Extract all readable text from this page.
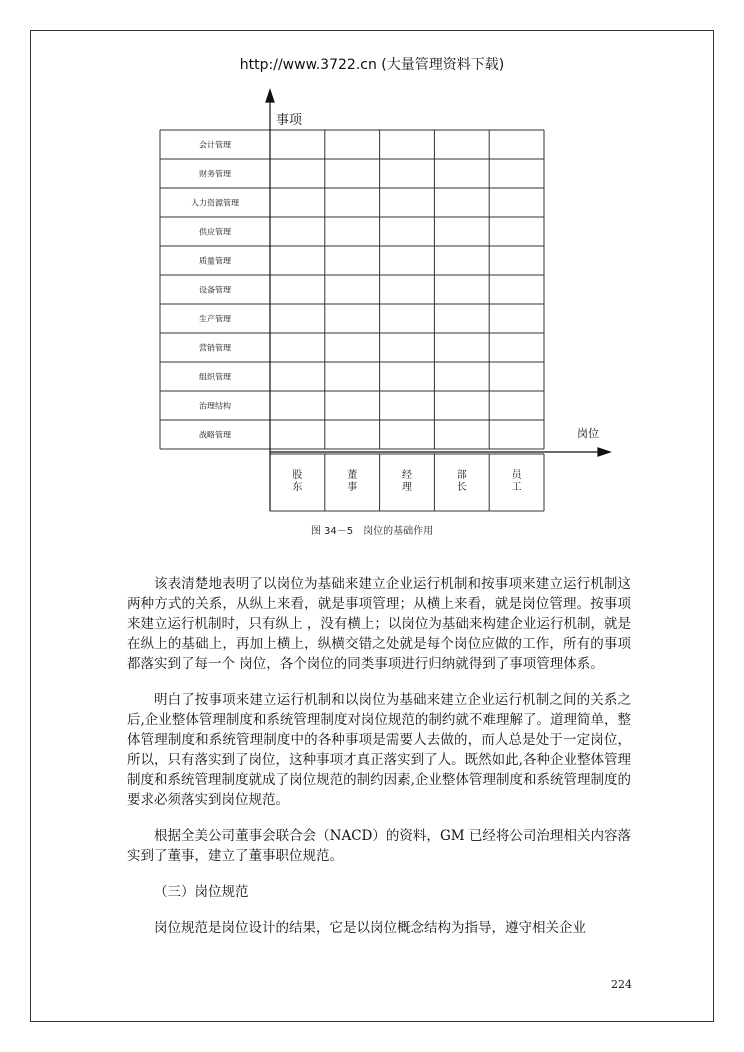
http://www.3722.cn (大量管理资料下载)
事项
岗位
会计管理
财务管理
人力资源管理
供应管理
质量管理
设备管理
生产管理
营销管理
组织管理
治理结构
战略管理
股
东
董
事
经
理
部
长
员
工
图 34－5　岗位的基础作用

该表清楚地表明了以岗位为基础来建立企业运行机制和按事项来建立运行机制这两种方式的关系，从纵上来看，就是事项管理；从横上来看，就是岗位管理。按事项来建立运行机制时，只有纵上 ，没有横上；以岗位为基础来构建企业运行机制，就是在纵上的基础上，再加上横上，纵横交错之处就是每个岗位应做的工作，所有的事项都落实到了每一个 岗位，各个岗位的同类事项进行归纳就得到了事项管理体系。

明白了按事项来建立运行机制和以岗位为基础来建立企业运行机制之间的关系之后,企业整体管理制度和系统管理制度对岗位规范的制约就不难理解了。道理简单，整体管理制度和系统管理制度中的各种事项是需要人去做的，而人总是处于一定岗位，所以，只有落实到了岗位，这种事项才真正落实到了人。既然如此,各种企业整体管理制度和系统管理制度就成了岗位规范的制约因素,企业整体管理制度和系统管理制度的要求必须落实到岗位规范。

根据全美公司董事会联合会（NACD）的资料，GM 已经将公司治理相关内容落实到了董事，建立了董事职位规范。

（三）岗位规范

岗位规范是岗位设计的结果，它是以岗位概念结构为指导，遵守相关企业

224
